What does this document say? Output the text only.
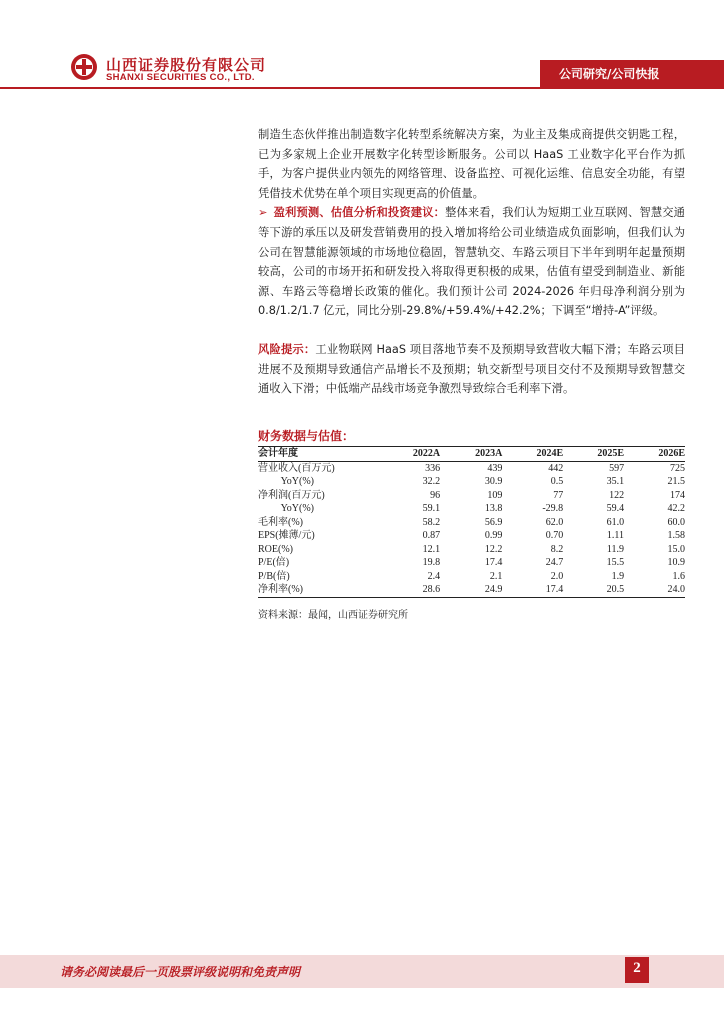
山西证券股份有限公司
SHANXI SECURITIES CO., LTD.	公司研究/公司快报

制造生态伙伴推出制造数字化转型系统解决方案，为业主及集成商提供交钥匙工程，已为多家规上企业开展数字化转型诊断服务。公司以 HaaS 工业数字化平台作为抓手，为客户提供业内领先的网络管理、设备监控、可视化运维、信息安全功能，有望凭借技术优势在单个项目实现更高的价值量。

➢ 盈利预测、估值分析和投资建议：整体来看，我们认为短期工业互联网、智慧交通等下游的承压以及研发营销费用的投入增加将给公司业绩造成负面影响，但我们认为公司在智慧能源领域的市场地位稳固，智慧轨交、车路云项目下半年到明年起量预期较高，公司的市场开拓和研发投入将取得更积极的成果，估值有望受到制造业、新能源、车路云等稳增长政策的催化。我们预计公司 2024-2026 年归母净利润分别为 0.8/1.2/1.7 亿元，同比分别-29.8%/+59.4%/+42.2%；下调至“增持-A”评级。

风险提示：工业物联网 HaaS 项目落地节奏不及预期导致营收大幅下滑；车路云项目进展不及预期导致通信产品增长不及预期；轨交新型号项目交付不及预期导致智慧交通收入下滑；中低端产品线市场竞争激烈导致综合毛利率下滑。

财务数据与估值：
会计年度	2022A	2023A	2024E	2025E	2026E
营业收入(百万元)	336	439	442	597	725
YoY(%)	32.2	30.9	0.5	35.1	21.5
净利润(百万元)	96	109	77	122	174
YoY(%)	59.1	13.8	-29.8	59.4	42.2
毛利率(%)	58.2	56.9	62.0	61.0	60.0
EPS(摊薄/元)	0.87	0.99	0.70	1.11	1.58
ROE(%)	12.1	12.2	8.2	11.9	15.0
P/E(倍)	19.8	17.4	24.7	15.5	10.9
P/B(倍)	2.4	2.1	2.0	1.9	1.6
净利率(%)	28.6	24.9	17.4	20.5	24.0
资料来源：最闻，山西证券研究所
请务必阅读最后一页股票评级说明和免责声明	2
